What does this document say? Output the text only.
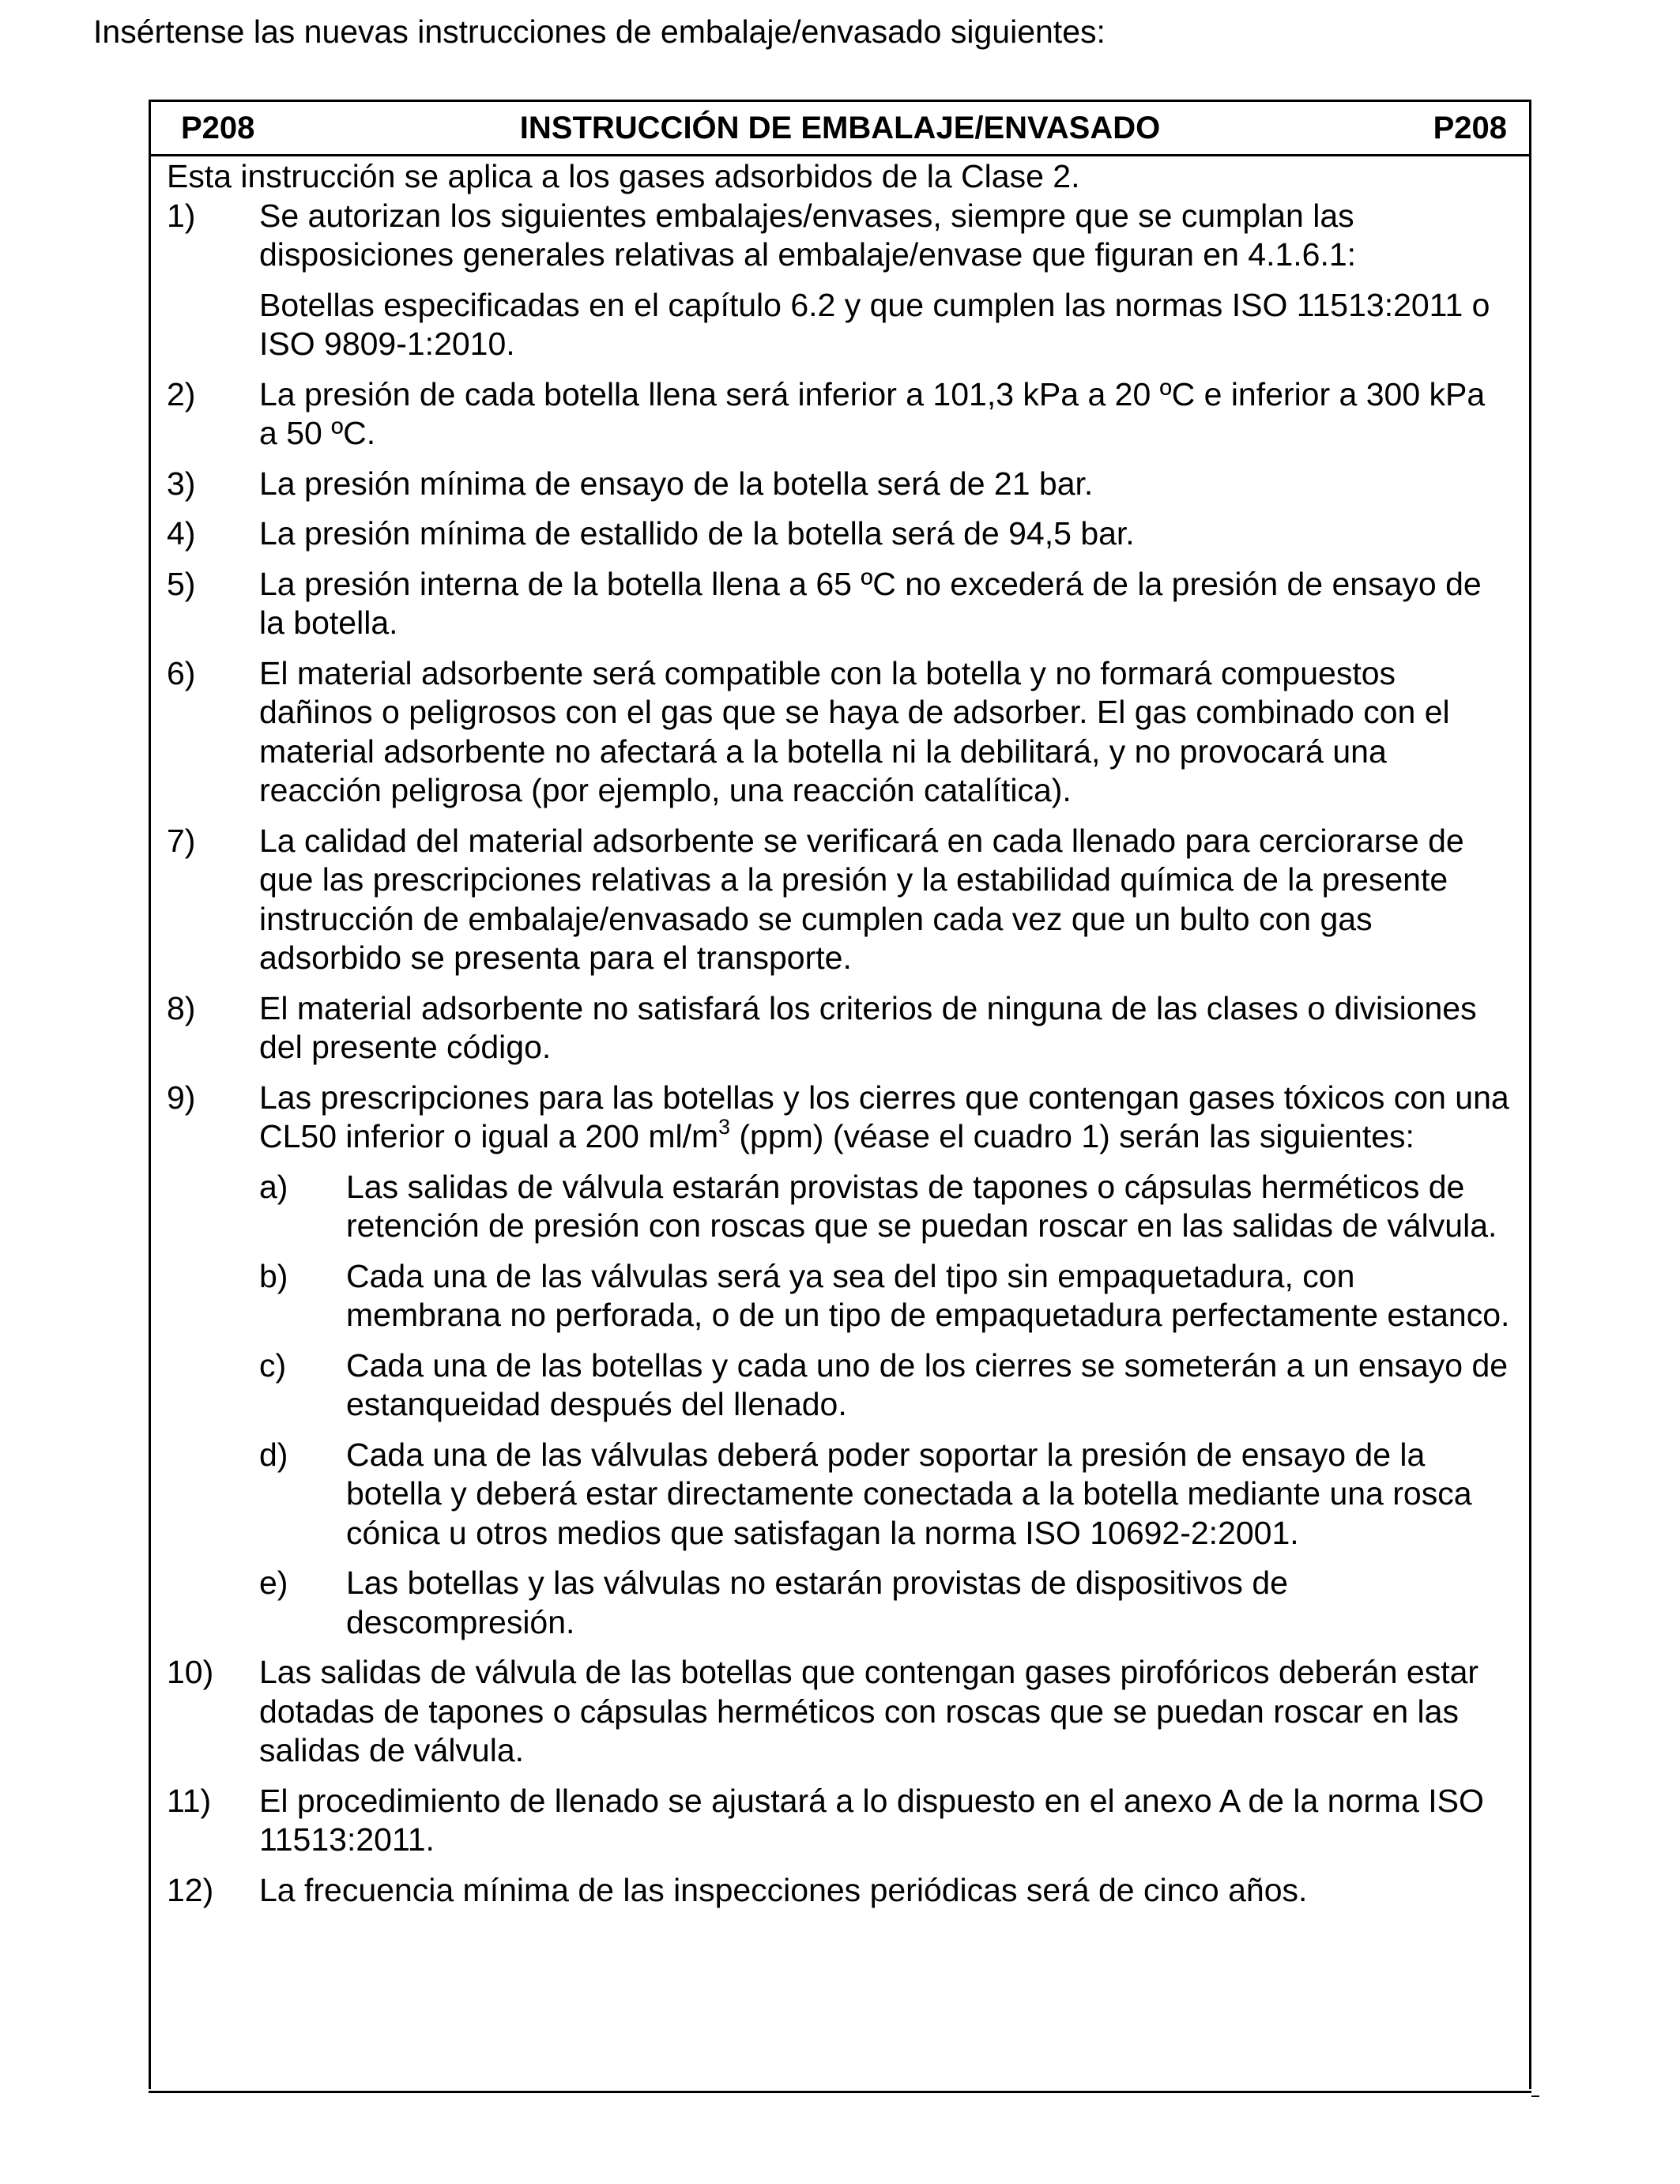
Insértense las nuevas instrucciones de embalaje/envasado siguientes:

INSTRUCCIÓN DE EMBALAJE/ENVASADO
P208	P208

Esta instrucción se aplica a los gases adsorbidos de la Clase 2.

1) Se autorizan los siguientes embalajes/envases, siempre que se cumplan las disposiciones generales relativas al embalaje/envase que figuran en 4.1.6.1:

Botellas especificadas en el capítulo 6.2 y que cumplen las normas ISO 11513:2011 o ISO 9809-1:2010.

2) La presión de cada botella llena será inferior a 101,3 kPa a 20 ºC e inferior a 300 kPa a 50 ºC.

3) La presión mínima de ensayo de la botella será de 21 bar.

4) La presión mínima de estallido de la botella será de 94,5 bar.

5) La presión interna de la botella llena a 65 ºC no excederá de la presión de ensayo de la botella.

6) El material adsorbente será compatible con la botella y no formará compuestos dañinos o peligrosos con el gas que se haya de adsorber. El gas combinado con el material adsorbente no afectará a la botella ni la debilitará, y no provocará una reacción peligrosa (por ejemplo, una reacción catalítica).

7) La calidad del material adsorbente se verificará en cada llenado para cerciorarse de que las prescripciones relativas a la presión y la estabilidad química de la presente instrucción de embalaje/envasado se cumplen cada vez que un bulto con gas adsorbido se presenta para el transporte.

8) El material adsorbente no satisfará los criterios de ninguna de las clases o divisiones del presente código.

9) Las prescripciones para las botellas y los cierres que contengan gases tóxicos con una CL50 inferior o igual a 200 $ml/m^3$ (ppm) (véase el cuadro 1) serán las siguientes:

a) Las salidas de válvula estarán provistas de tapones o cápsulas herméticos de retención de presión con roscas que se puedan roscar en las salidas de válvula.

b) Cada una de las válvulas será ya sea del tipo sin empaquetadura, con membrana no perforada, o de un tipo de empaquetadura perfectamente estanco.

c) Cada una de las botellas y cada uno de los cierres se someterán a un ensayo de estanqueidad después del llenado.

d) Cada una de las válvulas deberá poder soportar la presión de ensayo de la botella y deberá estar directamente conectada a la botella mediante una rosca cónica u otros medios que satisfagan la norma ISO 10692-2:2001.

e) Las botellas y las válvulas no estarán provistas de dispositivos de descompresión.

10) Las salidas de válvula de las botellas que contengan gases pirofóricos deberán estar dotadas de tapones o cápsulas herméticos con roscas que se puedan roscar en las salidas de válvula.

11) El procedimiento de llenado se ajustará a lo dispuesto en el anexo A de la norma ISO 11513:2011.

12) La frecuencia mínima de las inspecciones periódicas será de cinco años.
